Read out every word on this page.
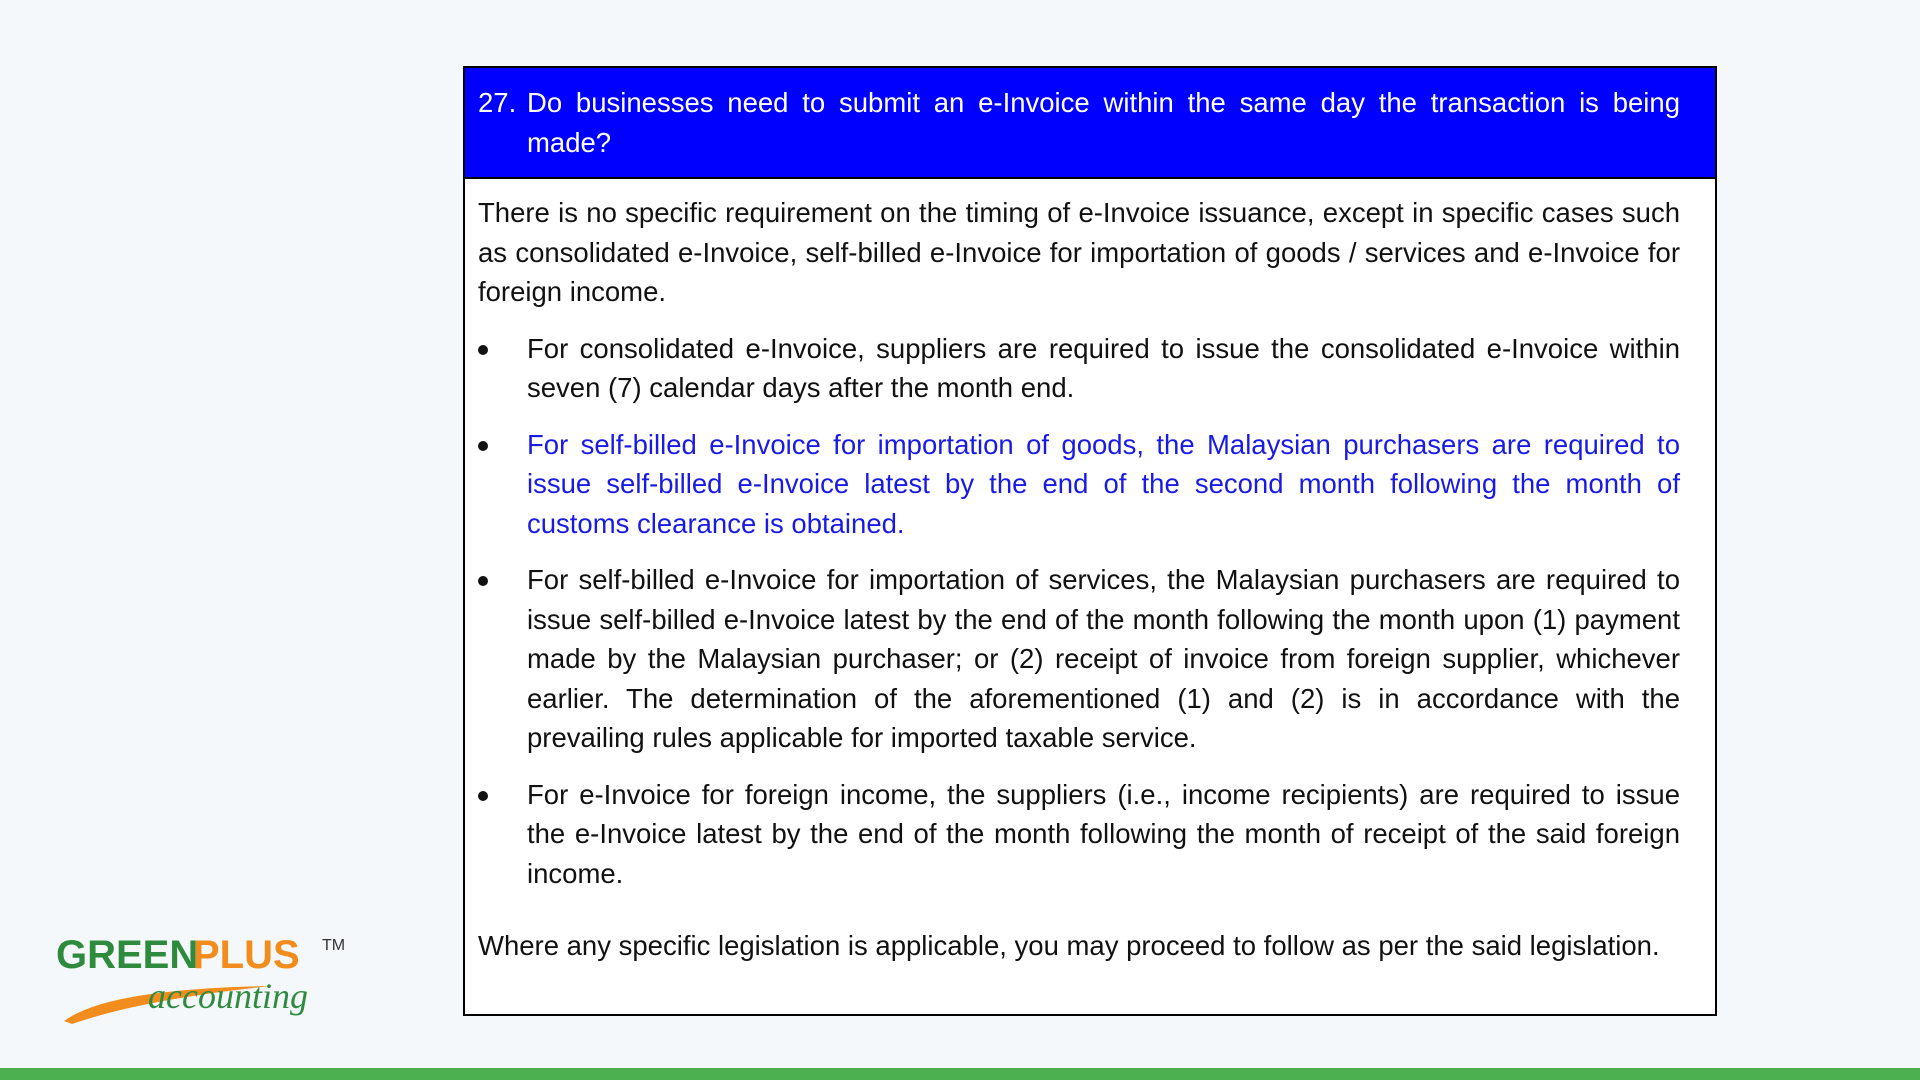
27. Do businesses need to submit an e-Invoice within the same day the transaction is being made?

There is no specific requirement on the timing of e-Invoice issuance, except in specific cases such as consolidated e-Invoice, self-billed e-Invoice for importation of goods / services and e-Invoice for foreign income.

For consolidated e-Invoice, suppliers are required to issue the consolidated e-Invoice within seven (7) calendar days after the month end.
For self-billed e-Invoice for importation of goods, the Malaysian purchasers are required to issue self-billed e-Invoice latest by the end of the second month following the month of customs clearance is obtained.
For self-billed e-Invoice for importation of services, the Malaysian purchasers are required to issue self-billed e-Invoice latest by the end of the month following the month upon (1) payment made by the Malaysian purchaser; or (2) receipt of invoice from foreign supplier, whichever earlier. The determination of the aforementioned (1) and (2) is in accordance with the prevailing rules applicable for imported taxable service.
For e-Invoice for foreign income, the suppliers (i.e., income recipients) are required to issue the e-Invoice latest by the end of the month following the month of receipt of the said foreign income.

Where any specific legislation is applicable, you may proceed to follow as per the said legislation.

GREEN
PLUS TM
accounting
